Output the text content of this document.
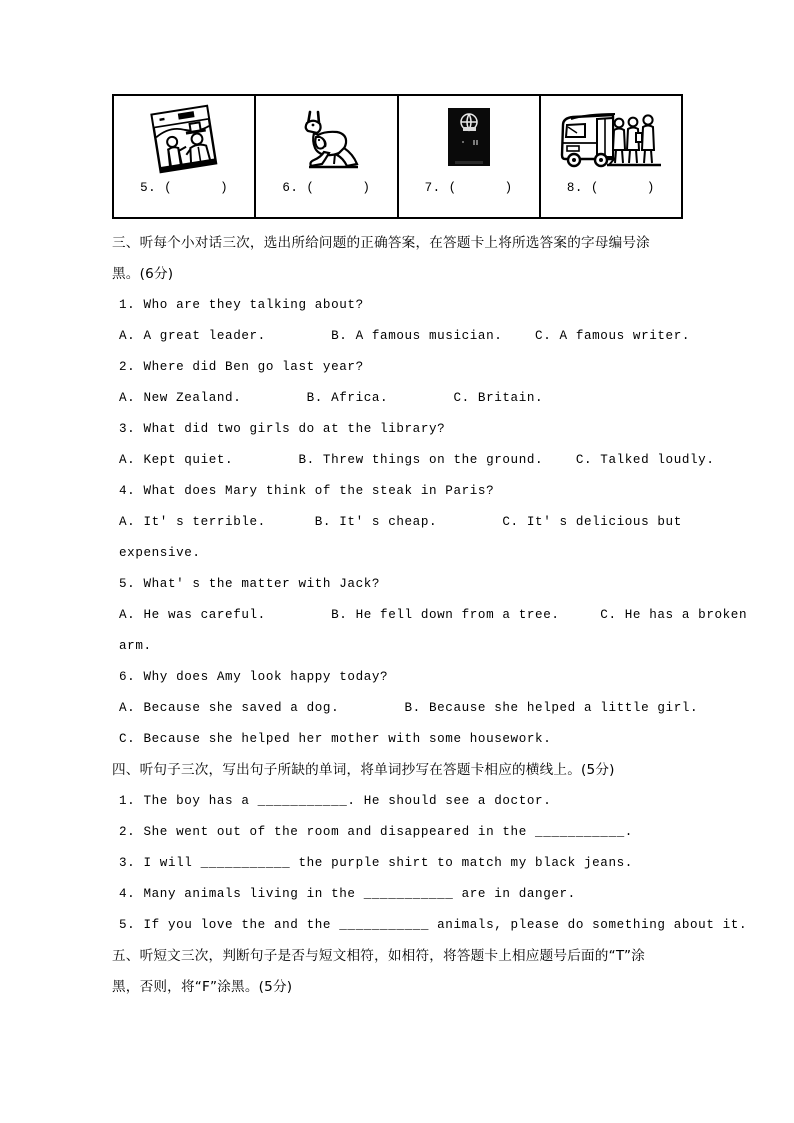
5. (      )	6. (      )	7. (      )	8. (      )
三、听每个小对话三次，选出所给问题的正确答案，在答题卡上将所选答案的字母编号涂
黑。(6分)
1. Who are they talking about?
A. A great leader.        B. A famous musician.    C. A famous writer.
2. Where did Ben go last year?
A. New Zealand.        B. Africa.        C. Britain.
3. What did two girls do at the library?
A. Kept quiet.        B. Threw things on the ground.    C. Talked loudly.
4. What does Mary think of the steak in Paris?
A. It' s terrible.      B. It' s cheap.        C. It' s delicious but
expensive.
5. What' s the matter with Jack?
A. He was careful.        B. He fell down from a tree.     C. He has a broken
arm.
6. Why does Amy look happy today?
A. Because she saved a dog.        B. Because she helped a little girl.
C. Because she helped her mother with some housework.
四、听句子三次，写出句子所缺的单词，将单词抄写在答题卡相应的横线上。(5分)
1. The boy has a ___________. He should see a doctor.
2. She went out of the room and disappeared in the ___________.
3. I will ___________ the purple shirt to match my black jeans.
4. Many animals living in the ___________ are in danger.
5. If you love the and the ___________ animals, please do something about it.
五、听短文三次，判断句子是否与短文相符，如相符，将答题卡上相应题号后面的“T”涂
黑，否则，将“F”涂黑。(5分)
